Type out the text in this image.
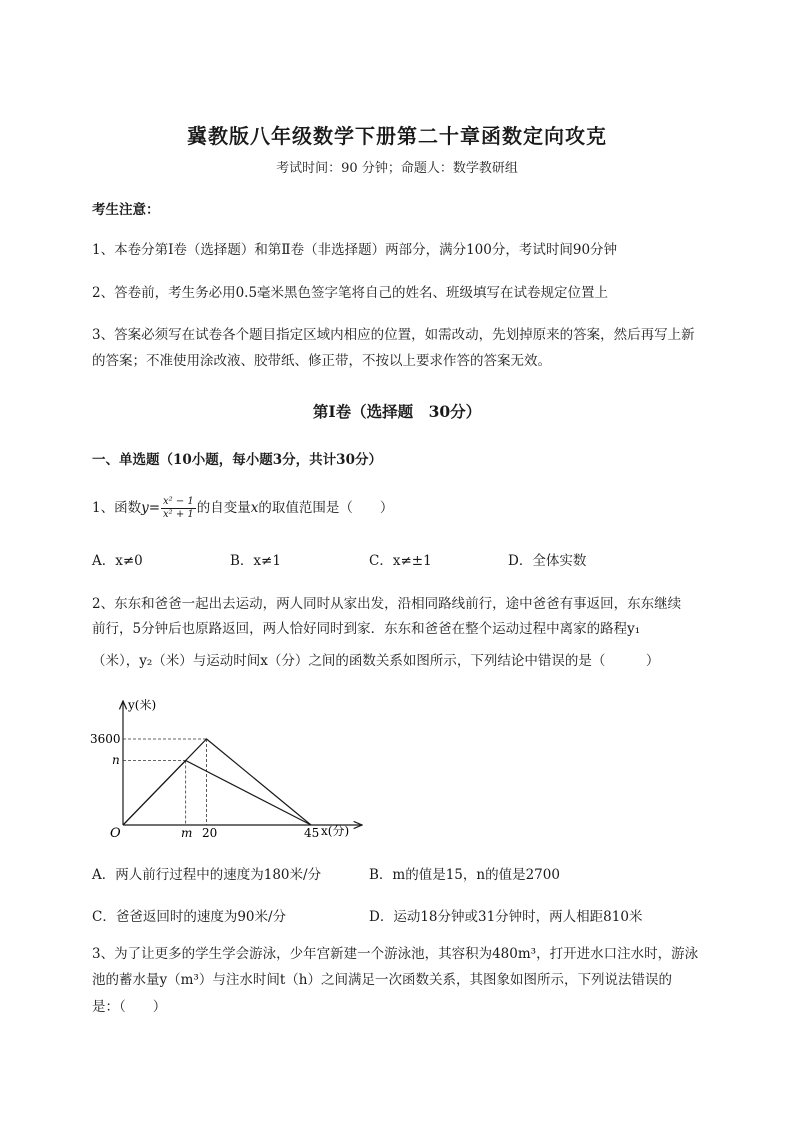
冀教版八年级数学下册第二十章函数定向攻克
考试时间：90 分钟；命题人：数学教研组
考生注意：
1、本卷分第Ⅰ卷（选择题）和第Ⅱ卷（非选择题）两部分，满分100分，考试时间90分钟
2、答卷前，考生务必用0.5毫米黑色签字笔将自己的姓名、班级填写在试卷规定位置上
3、答案必须写在试卷各个题目指定区域内相应的位置，如需改动，先划掉原来的答案，然后再写上新
的答案；不准使用涂改液、胶带纸、修正带，不按以上要求作答的答案无效。
第Ⅰ卷（选择题　30分）
一、单选题（10小题，每小题3分，共计30分）
1、函数$y= \frac{\text{x² − 1}}{\text{x² + 1}}$ 的自变量x的取值范围是（　　）
A．x≠0	B．x≠1	C．x≠±1	D．全体实数
2、东东和爸爸一起出去运动，两人同时从家出发，沿相同路线前行，途中爸爸有事返回，东东继续
前行，5分钟后也原路返回，两人恰好同时到家．东东和爸爸在整个运动过程中离家的路程y₁
（米），y₂（米）与运动时间x（分）之间的函数关系如图所示，下列结论中错误的是（　　　）
y(米)
x(分)
O
3600
n
m 20	45
A．两人前行过程中的速度为180米/分	B．m的值是15，n的值是2700
C．爸爸返回时的速度为90米/分	D．运动18分钟或31分钟时，两人相距810米
3、为了让更多的学生学会游泳，少年宫新建一个游泳池，其容积为480m³，打开进水口注水时，游泳
池的蓄水量y（m³）与注水时间t（h）之间满足一次函数关系，其图象如图所示，下列说法错误的
是：（　　）
